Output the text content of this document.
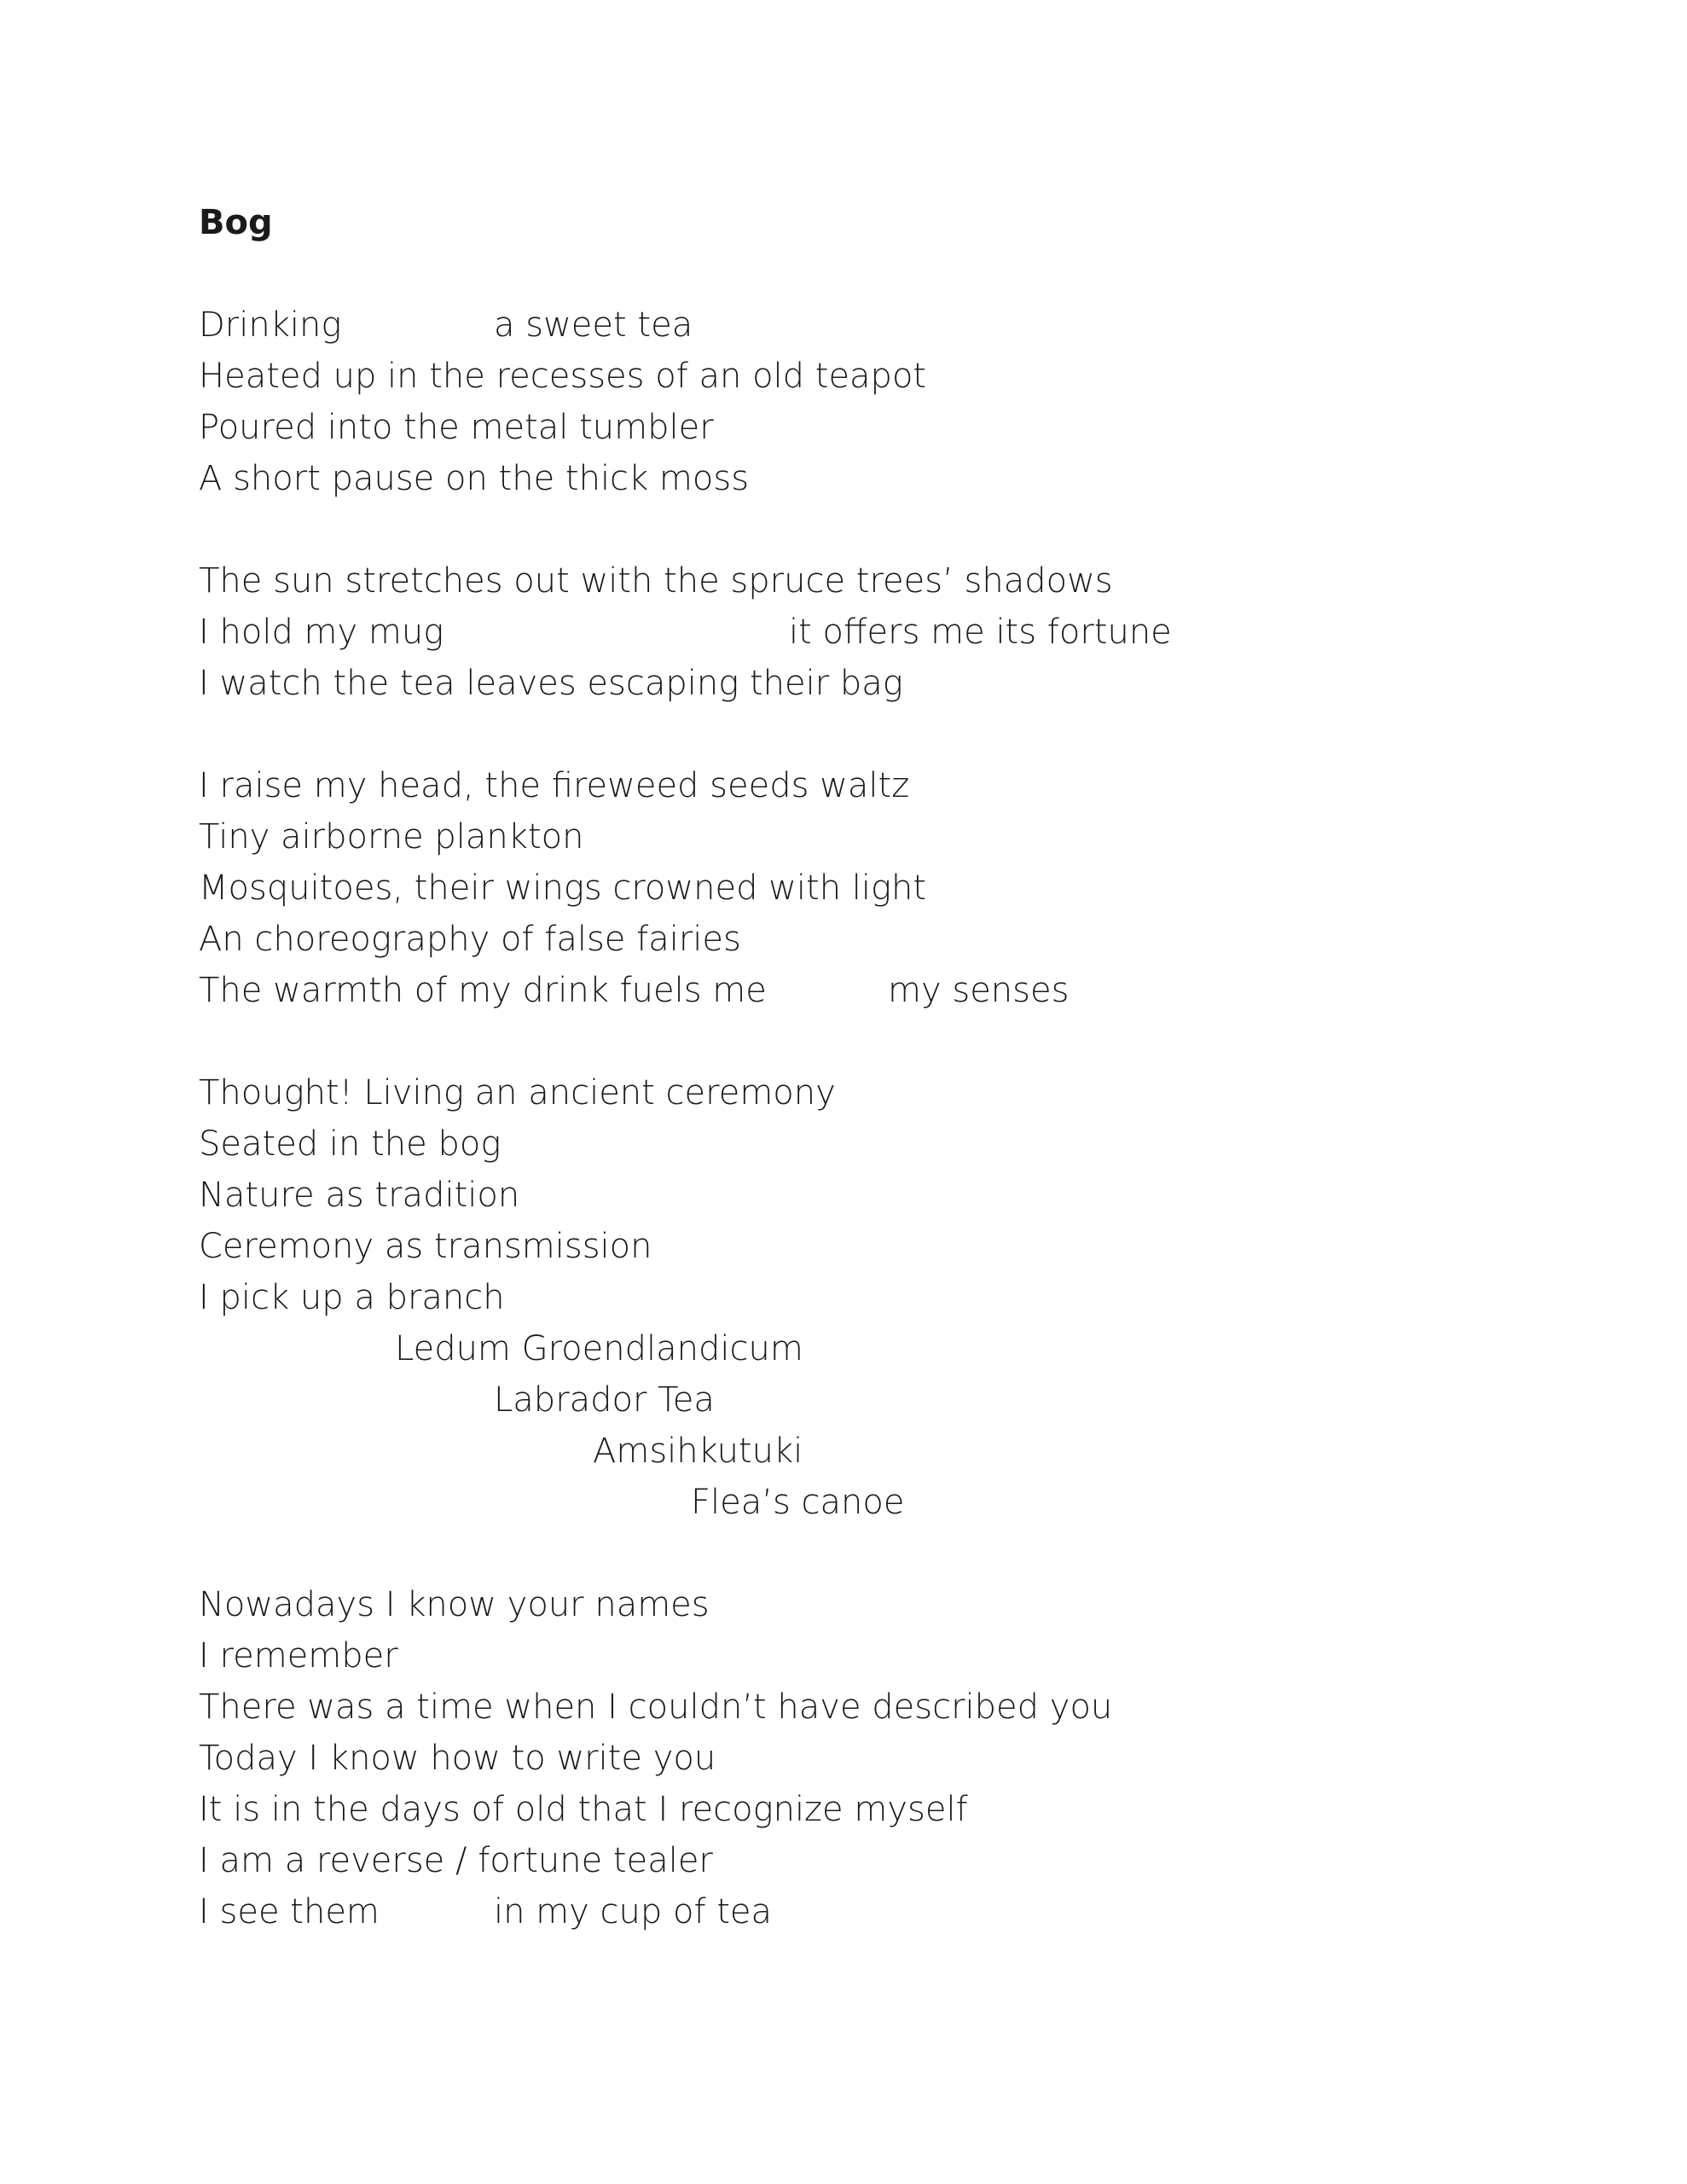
Bog
Drinking	a sweet tea
Heated up in the recesses of an old teapot
Poured into the metal tumbler
A short pause on the thick moss
The sun stretches out with the spruce trees’ shadows
I hold my mug	it offers me its fortune
I watch the tea leaves escaping their bag
I raise my head, the fireweed seeds waltz
Tiny airborne plankton
Mosquitoes, their wings crowned with light
An choreography of false fairies
The warmth of my drink fuels me	my senses
Thought! Living an ancient ceremony
Seated in the bog
Nature as tradition
Ceremony as transmission
I pick up a branch
Ledum Groendlandicum
Labrador Tea
Amsihkutuki
Flea’s canoe
Nowadays I know your names
I remember
There was a time when I couldn’t have described you
Today I know how to write you
It is in the days of old that I recognize myself
I am a reverse / fortune tealer
I see them	in my cup of tea
